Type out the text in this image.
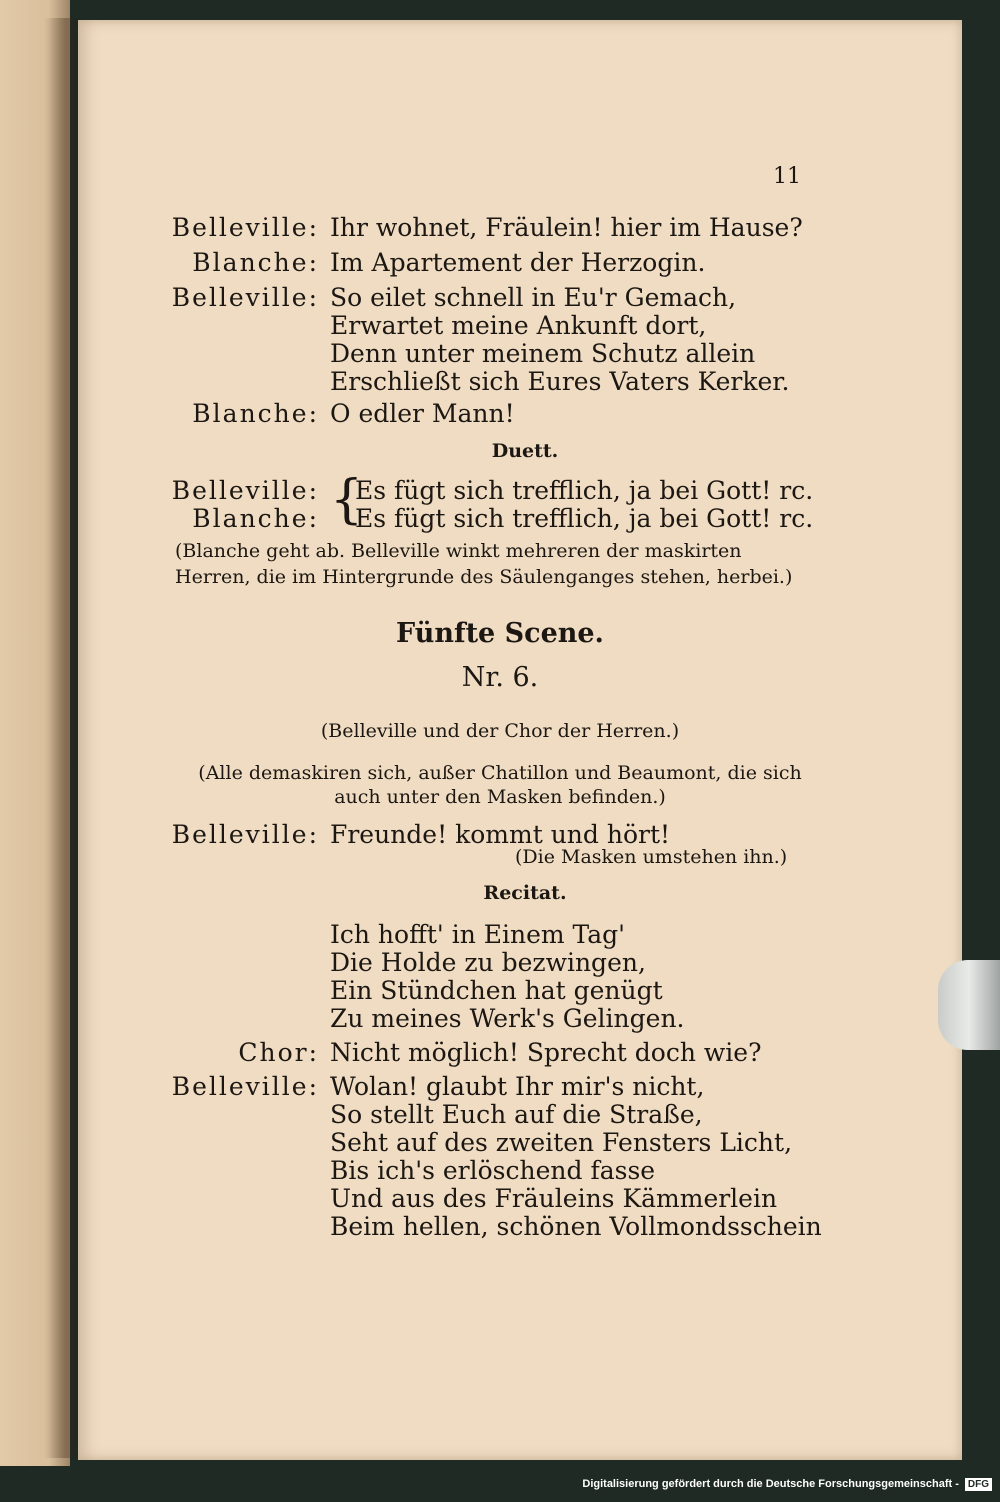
11
Belleville: Ihr wohnet, Fräulein! hier im Hause?
Blanche: Im Apartement der Herzogin.
Belleville: So eilet schnell in Eu'r Gemach,
Erwartet meine Ankunft dort,
Denn unter meinem Schutz allein
Erschließt sich Eures Vaters Kerker.
Blanche: O edler Mann!
Duett.
Belleville: {
Es fügt sich trefflich, ja bei Gott! rc.
Blanche: Es fügt sich trefflich, ja bei Gott! rc.
(Blanche geht ab. Belleville winkt mehreren der maskirten
Herren, die im Hintergrunde des Säulenganges stehen, herbei.)
Fünfte Scene.
Nr. 6.
(Belleville und der Chor der Herren.)
(Alle demaskiren sich, außer Chatillon und Beaumont, die sich
auch unter den Masken befinden.)
Belleville: Freunde! kommt und hört!
(Die Masken umstehen ihn.)
Recitat.
Ich hofft' in Einem Tag'
Die Holde zu bezwingen,
Ein Stündchen hat genügt
Zu meines Werk's Gelingen.
Chor: Nicht möglich! Sprecht doch wie?
Belleville: Wolan! glaubt Ihr mir's nicht,
So stellt Euch auf die Straße,
Seht auf des zweiten Fensters Licht,
Bis ich's erlöschend fasse
Und aus des Fräuleins Kämmerlein
Beim hellen, schönen Vollmondsschein
Digitalisierung gefördert durch die Deutsche Forschungsgemeinschaft - DFG
